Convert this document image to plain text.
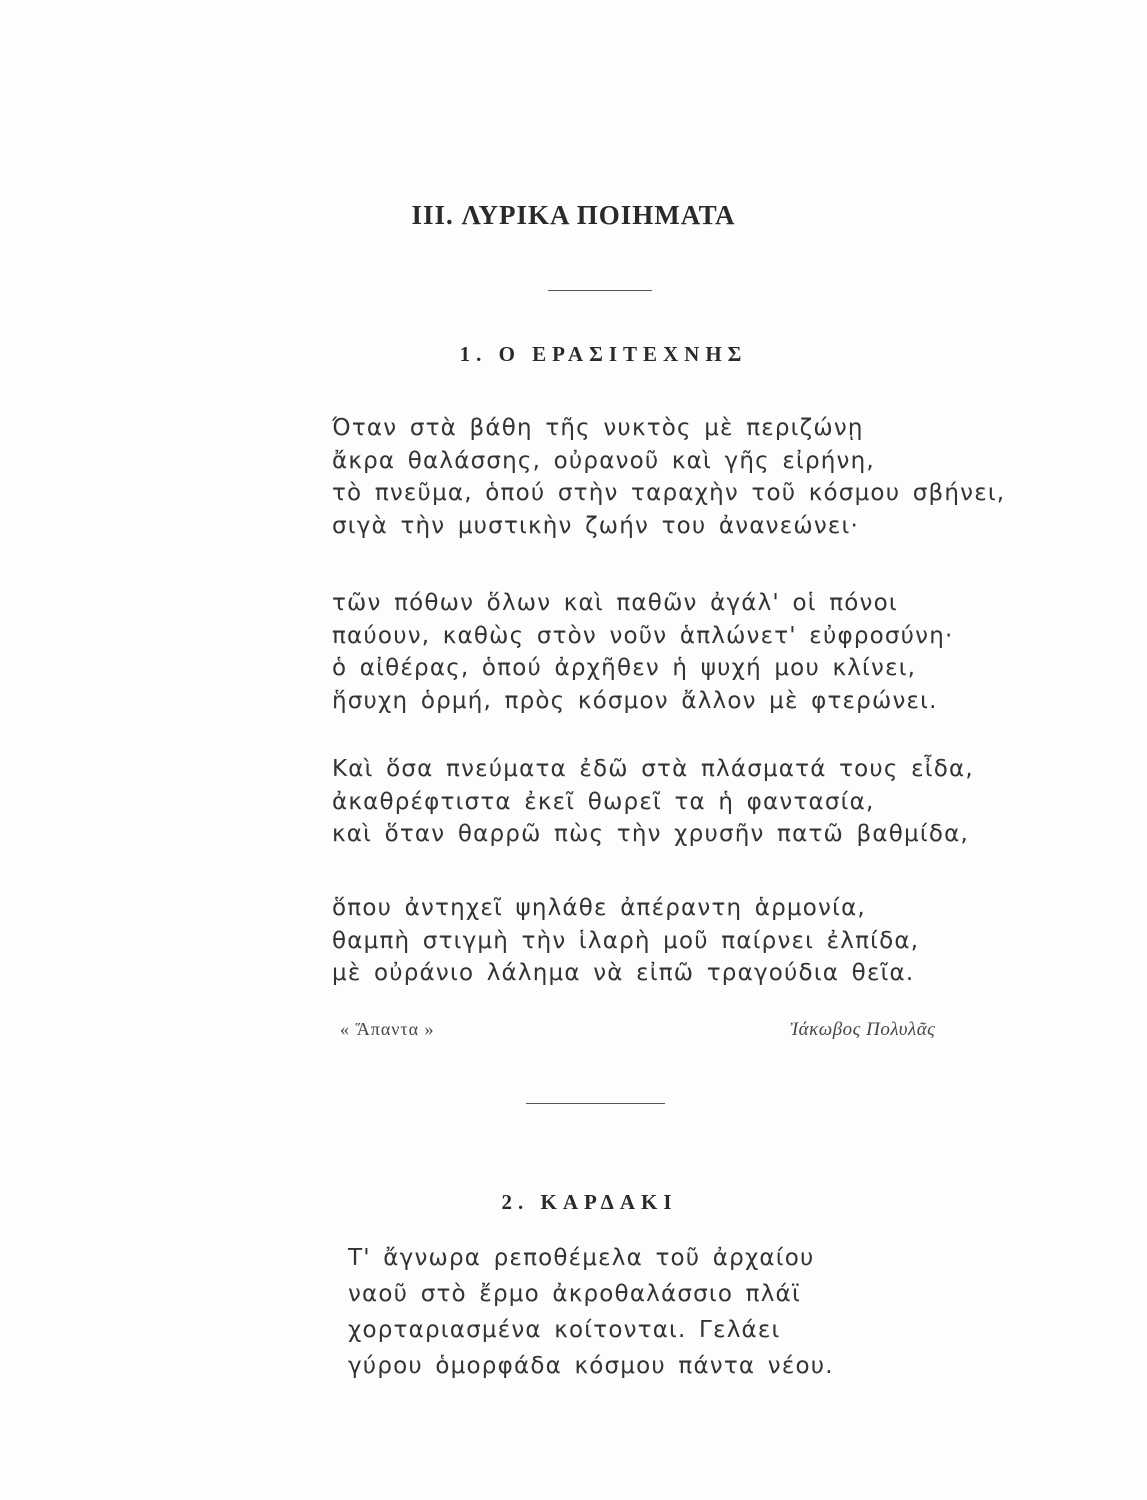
III. ΛΥΡΙΚΑ ΠΟΙΗΜΑΤΑ
1. Ο ΕΡΑΣΙΤΕΧΝΗΣ
Όταν στὰ βάθη τῆς νυκτὸς μὲ περιζώνῃ
ἄκρα θαλάσσης, οὐρανοῦ καὶ γῆς εἰρήνη,
τὸ πνεῦμα, ὁπού στὴν ταραχὴν τοῦ κόσμου σβήνει,
σιγὰ τὴν μυστικὴν ζωήν του ἀνανεώνει·
τῶν πόθων ὅλων καὶ παθῶν ἀγάλ' οἱ πόνοι
παύουν, καθὼς στὸν νοῦν ἁπλώνετ' εὐφροσύνη·
ὁ αἰθέρας, ὁπού ἀρχῆθεν ἡ ψυχή μου κλίνει,
ἥσυχη ὁρμή, πρὸς κόσμον ἄλλον μὲ φτερώνει.
Καὶ ὅσα πνεύματα ἐδῶ στὰ πλάσματά τους εἶδα,
ἀκαθρέφτιστα ἐκεῖ θωρεῖ τα ἡ φαντασία,
καὶ ὅταν θαρρῶ πὼς τὴν χρυσῆν πατῶ βαθμίδα,
ὅπου ἀντηχεῖ ψηλάθε ἀπέραντη ἁρμονία,
θαμπὴ στιγμὴ τὴν ἱλαρὴ μοῦ παίρνει ἐλπίδα,
μὲ οὐράνιο λάλημα νὰ εἰπῶ τραγούδια θεῖα.
« Ἅπαντα »	Ἰάκωβος Πολυλᾶς
2. ΚΑΡΔΑΚΙ
Τ' ἄγνωρα ρεποθέμελα τοῦ ἀρχαίου
ναοῦ στὸ ἔρμο ἀκροθαλάσσιο πλάϊ
χορταριασμένα κοίτονται. Γελάει
γύρου ὁμορφάδα κόσμου πάντα νέου.
